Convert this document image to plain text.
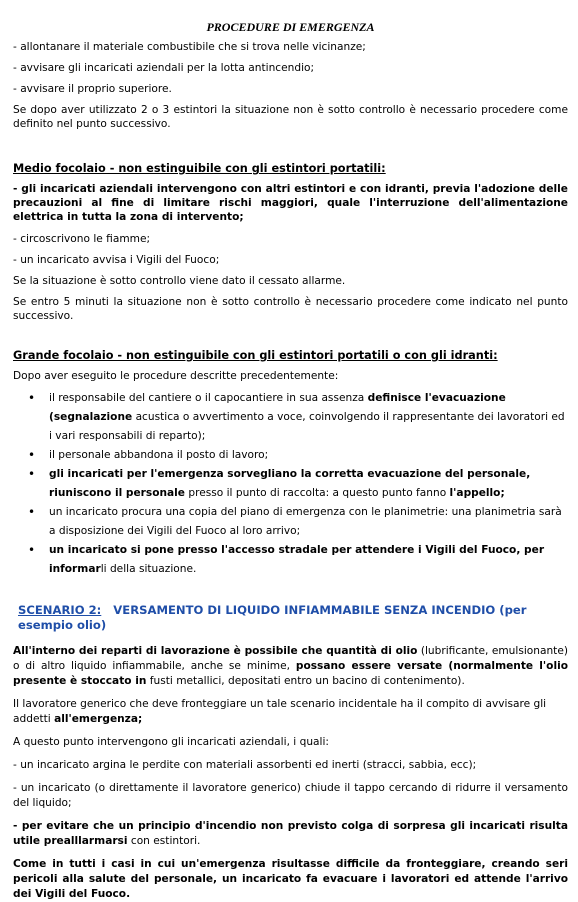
PROCEDURE DI EMERGENZA

- allontanare il materiale combustibile che si trova nelle vicinanze;

- avvisare gli incaricati aziendali per la lotta antincendio;

- avvisare il proprio superiore.

Se dopo aver utilizzato 2 o 3 estintori la situazione non è sotto controllo è necessario procedere come definito nel punto successivo.

Medio focolaio - non estinguibile con gli estintori portatili:

- gli incaricati aziendali intervengono con altri estintori e con idranti, previa l'adozione delle precauzioni al fine di limitare rischi maggiori, quale l'interruzione dell'alimentazione elettrica in tutta la zona di intervento;

- circoscrivono le fiamme;

- un incaricato avvisa i Vigili del Fuoco;

Se la situazione è sotto controllo viene dato il cessato allarme.

Se entro 5 minuti la situazione non è sotto controllo è necessario procedere come indicato nel punto successivo.

Grande focolaio - non estinguibile con gli estintori portatili o con gli idranti:

Dopo aver eseguito le procedure descritte precedentemente:

• il responsabile del cantiere o il capocantiere in sua assenza definisce l'evacuazione
(segnalazione acustica o avvertimento a voce, coinvolgendo il rappresentante dei lavoratori ed i vari responsabili di reparto);
• il personale abbandona il posto di lavoro;
• gli incaricati per l'emergenza sorvegliano la corretta evacuazione del personale, riuniscono il personale presso il punto di raccolta: a questo punto fanno l'appello;
• un incaricato procura una copia del piano di emergenza con le planimetrie: una planimetria sarà a disposizione dei Vigili del Fuoco al loro arrivo;
• un incaricato si pone presso l'accesso stradale per attendere i Vigili del Fuoco, per informarli della situazione.
SCENARIO 2: VERSAMENTO DI LIQUIDO INFIAMMABILE SENZA INCENDIO (per esempio olio)

All'interno dei reparti di lavorazione è possibile che quantità di olio (lubrificante, emulsionante) o di altro liquido infiammabile, anche se minime, possano essere versate (normalmente l'olio presente è stoccato in fusti metallici, depositati entro un bacino di contenimento).

Il lavoratore generico che deve fronteggiare un tale scenario incidentale ha il compito di avvisare gli addetti all'emergenza;

A questo punto intervengono gli incaricati aziendali, i quali:

- un incaricato argina le perdite con materiali assorbenti ed inerti (stracci, sabbia, ecc);

- un incaricato (o direttamente il lavoratore generico) chiude il tappo cercando di ridurre il versamento del liquido;

- per evitare che un principio d'incendio non previsto colga di sorpresa gli incaricati risulta utile prealllarmarsi con estintori.

Come in tutti i casi in cui un'emergenza risultasse difficile da fronteggiare, creando seri pericoli alla salute del personale, un incaricato fa evacuare i lavoratori ed attende l'arrivo dei Vigili del Fuoco.
